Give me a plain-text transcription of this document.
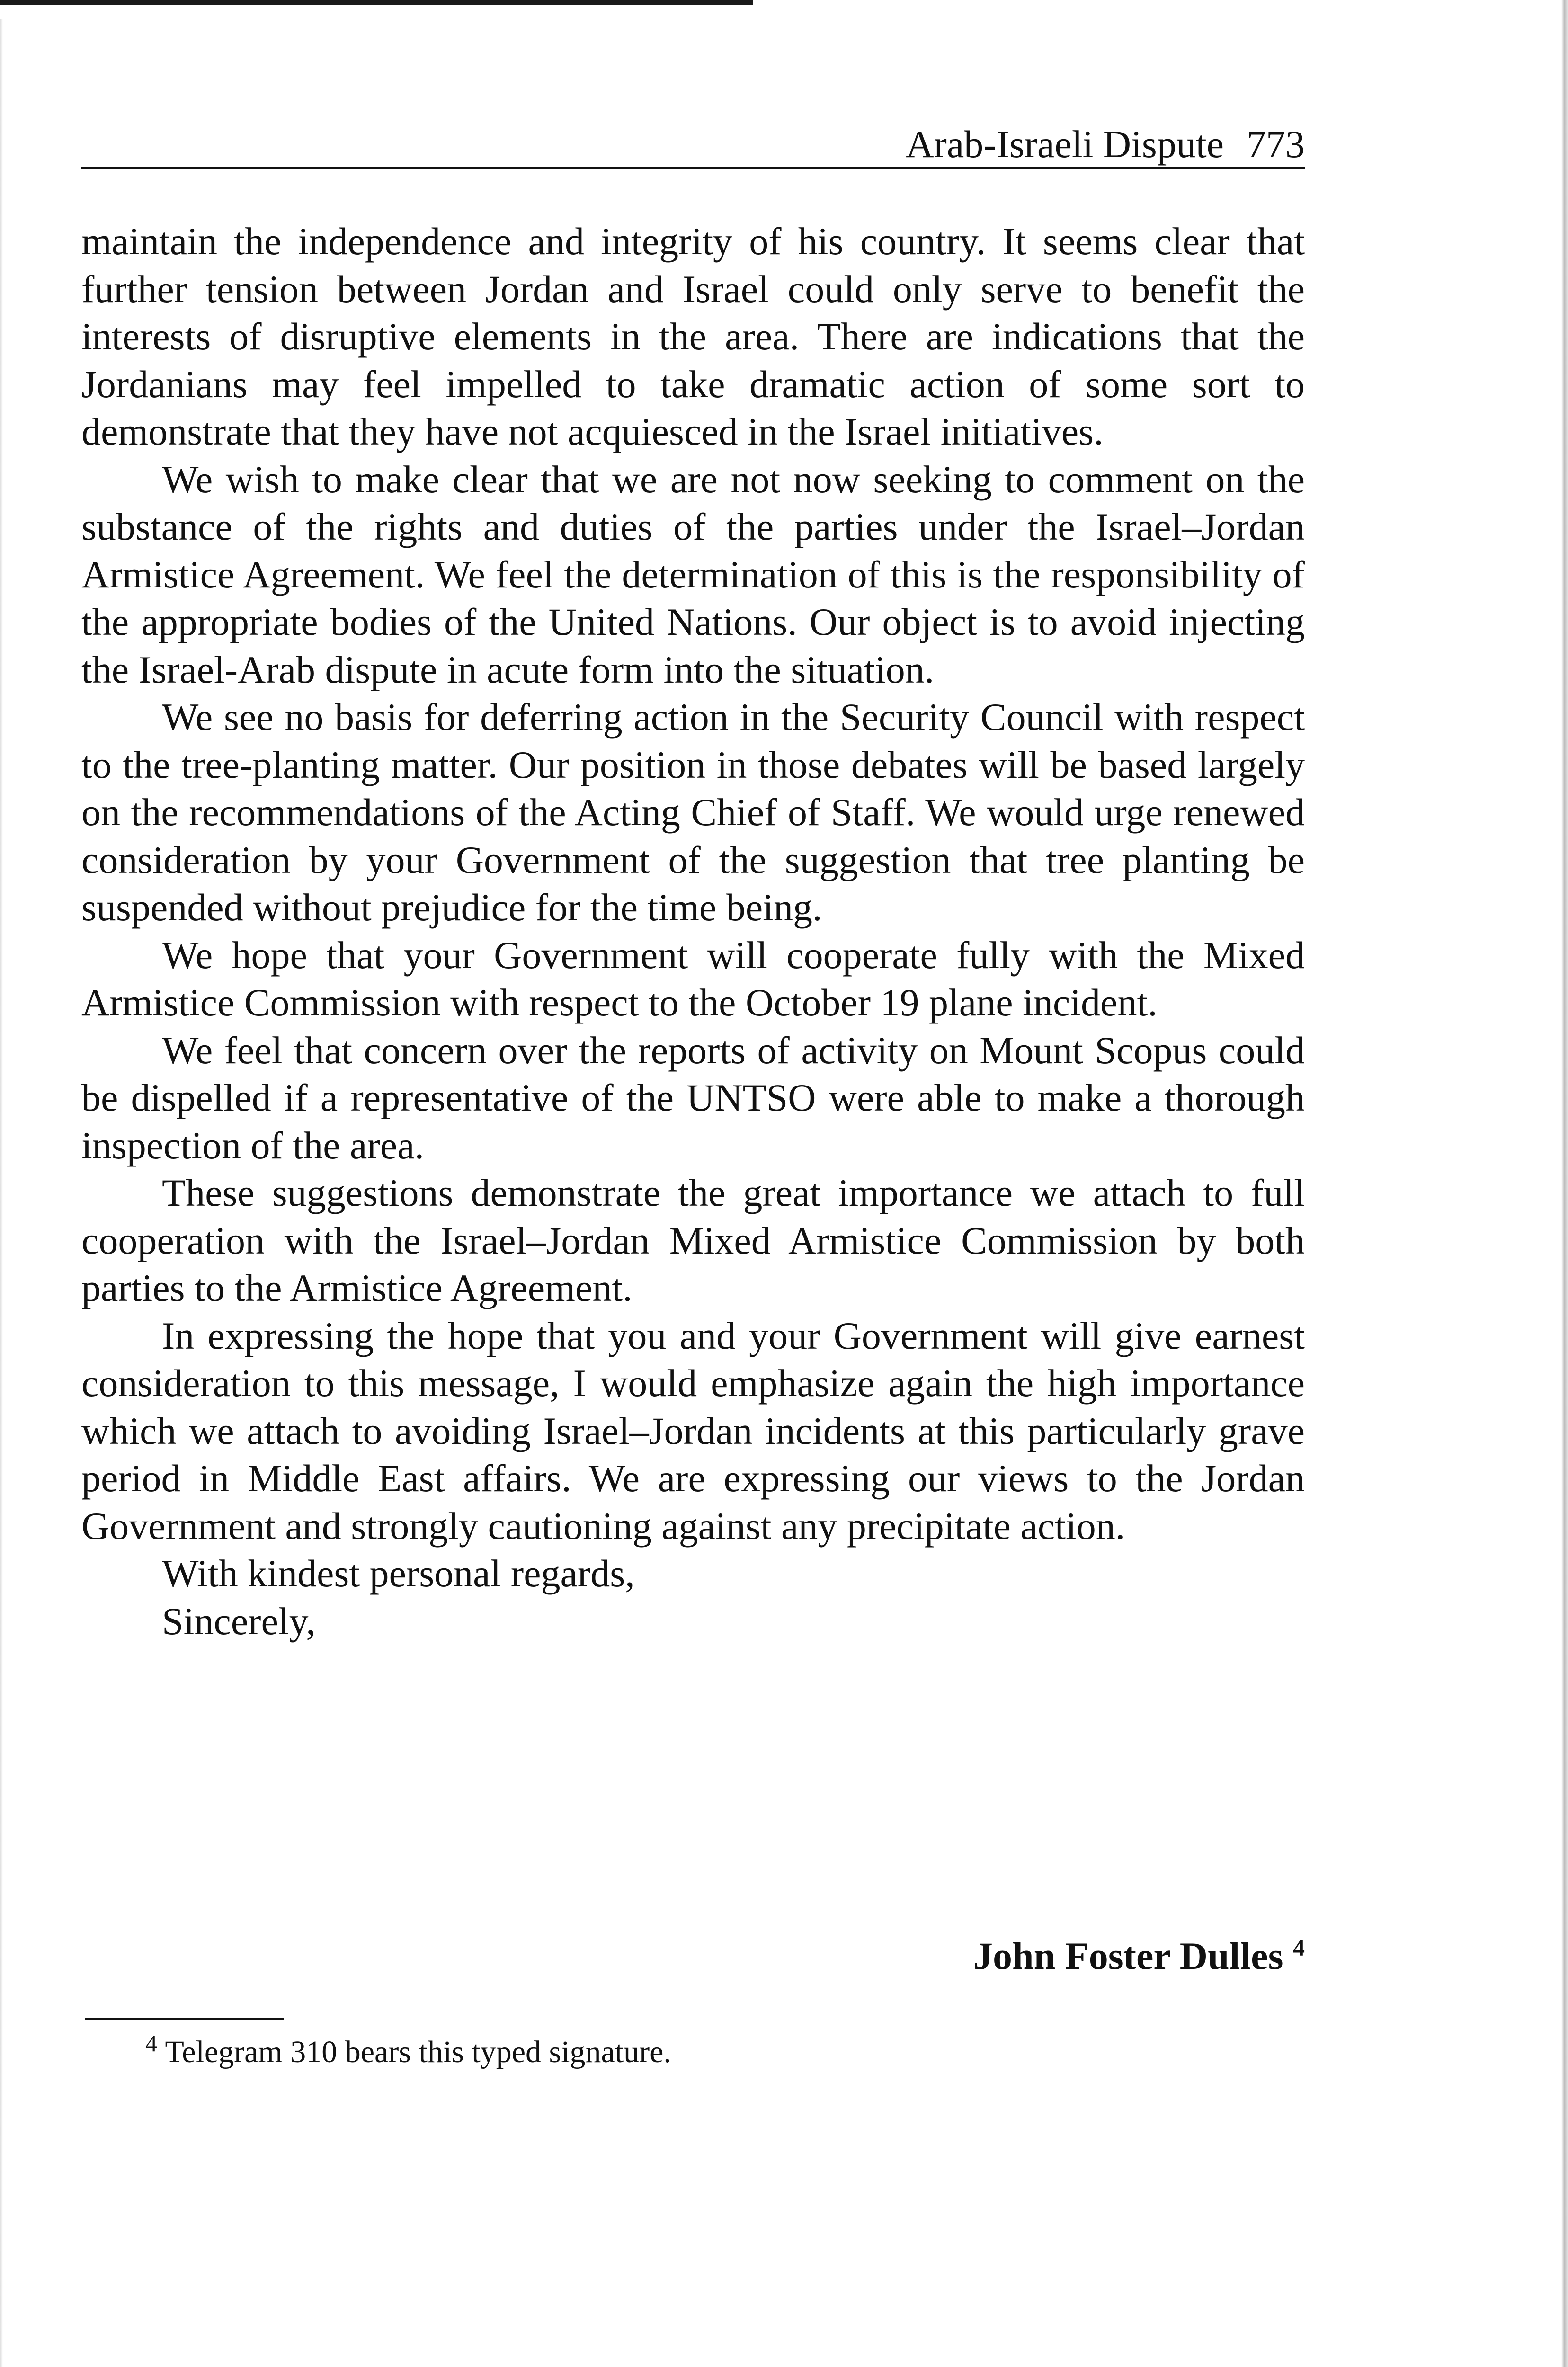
Arab-Israeli Dispute 773

maintain the independence and integrity of his country. It seems clear that further tension between Jordan and Israel could only serve to benefit the interests of disruptive elements in the area. There are indications that the Jordanians may feel impelled to take dramatic action of some sort to demonstrate that they have not acquiesced in the Israel initiatives.

We wish to make clear that we are not now seeking to comment on the substance of the rights and duties of the parties under the Israel–Jordan Armistice Agreement. We feel the determination of this is the responsibility of the appropriate bodies of the United Nations. Our object is to avoid injecting the Israel-Arab dispute in acute form into the situation.

We see no basis for deferring action in the Security Council with respect to the tree-planting matter. Our position in those debates will be based largely on the recommendations of the Acting Chief of Staff. We would urge renewed consideration by your Government of the suggestion that tree planting be suspended without prejudice for the time being.

We hope that your Government will cooperate fully with the Mixed Armistice Commission with respect to the October 19 plane incident.

We feel that concern over the reports of activity on Mount Scopus could be dispelled if a representative of the UNTSO were able to make a thorough inspection of the area.

These suggestions demonstrate the great importance we attach to full cooperation with the Israel–Jordan Mixed Armistice Commission by both parties to the Armistice Agreement.

In expressing the hope that you and your Government will give earnest consideration to this message, I would emphasize again the high importance which we attach to avoiding Israel–Jordan incidents at this particularly grave period in Middle East affairs. We are expressing our views to the Jordan Government and strongly cautioning against any precipitate action.

With kindest personal regards,

Sincerely,

John Foster Dulles $^4$
$^4$ Telegram 310 bears this typed signature.
